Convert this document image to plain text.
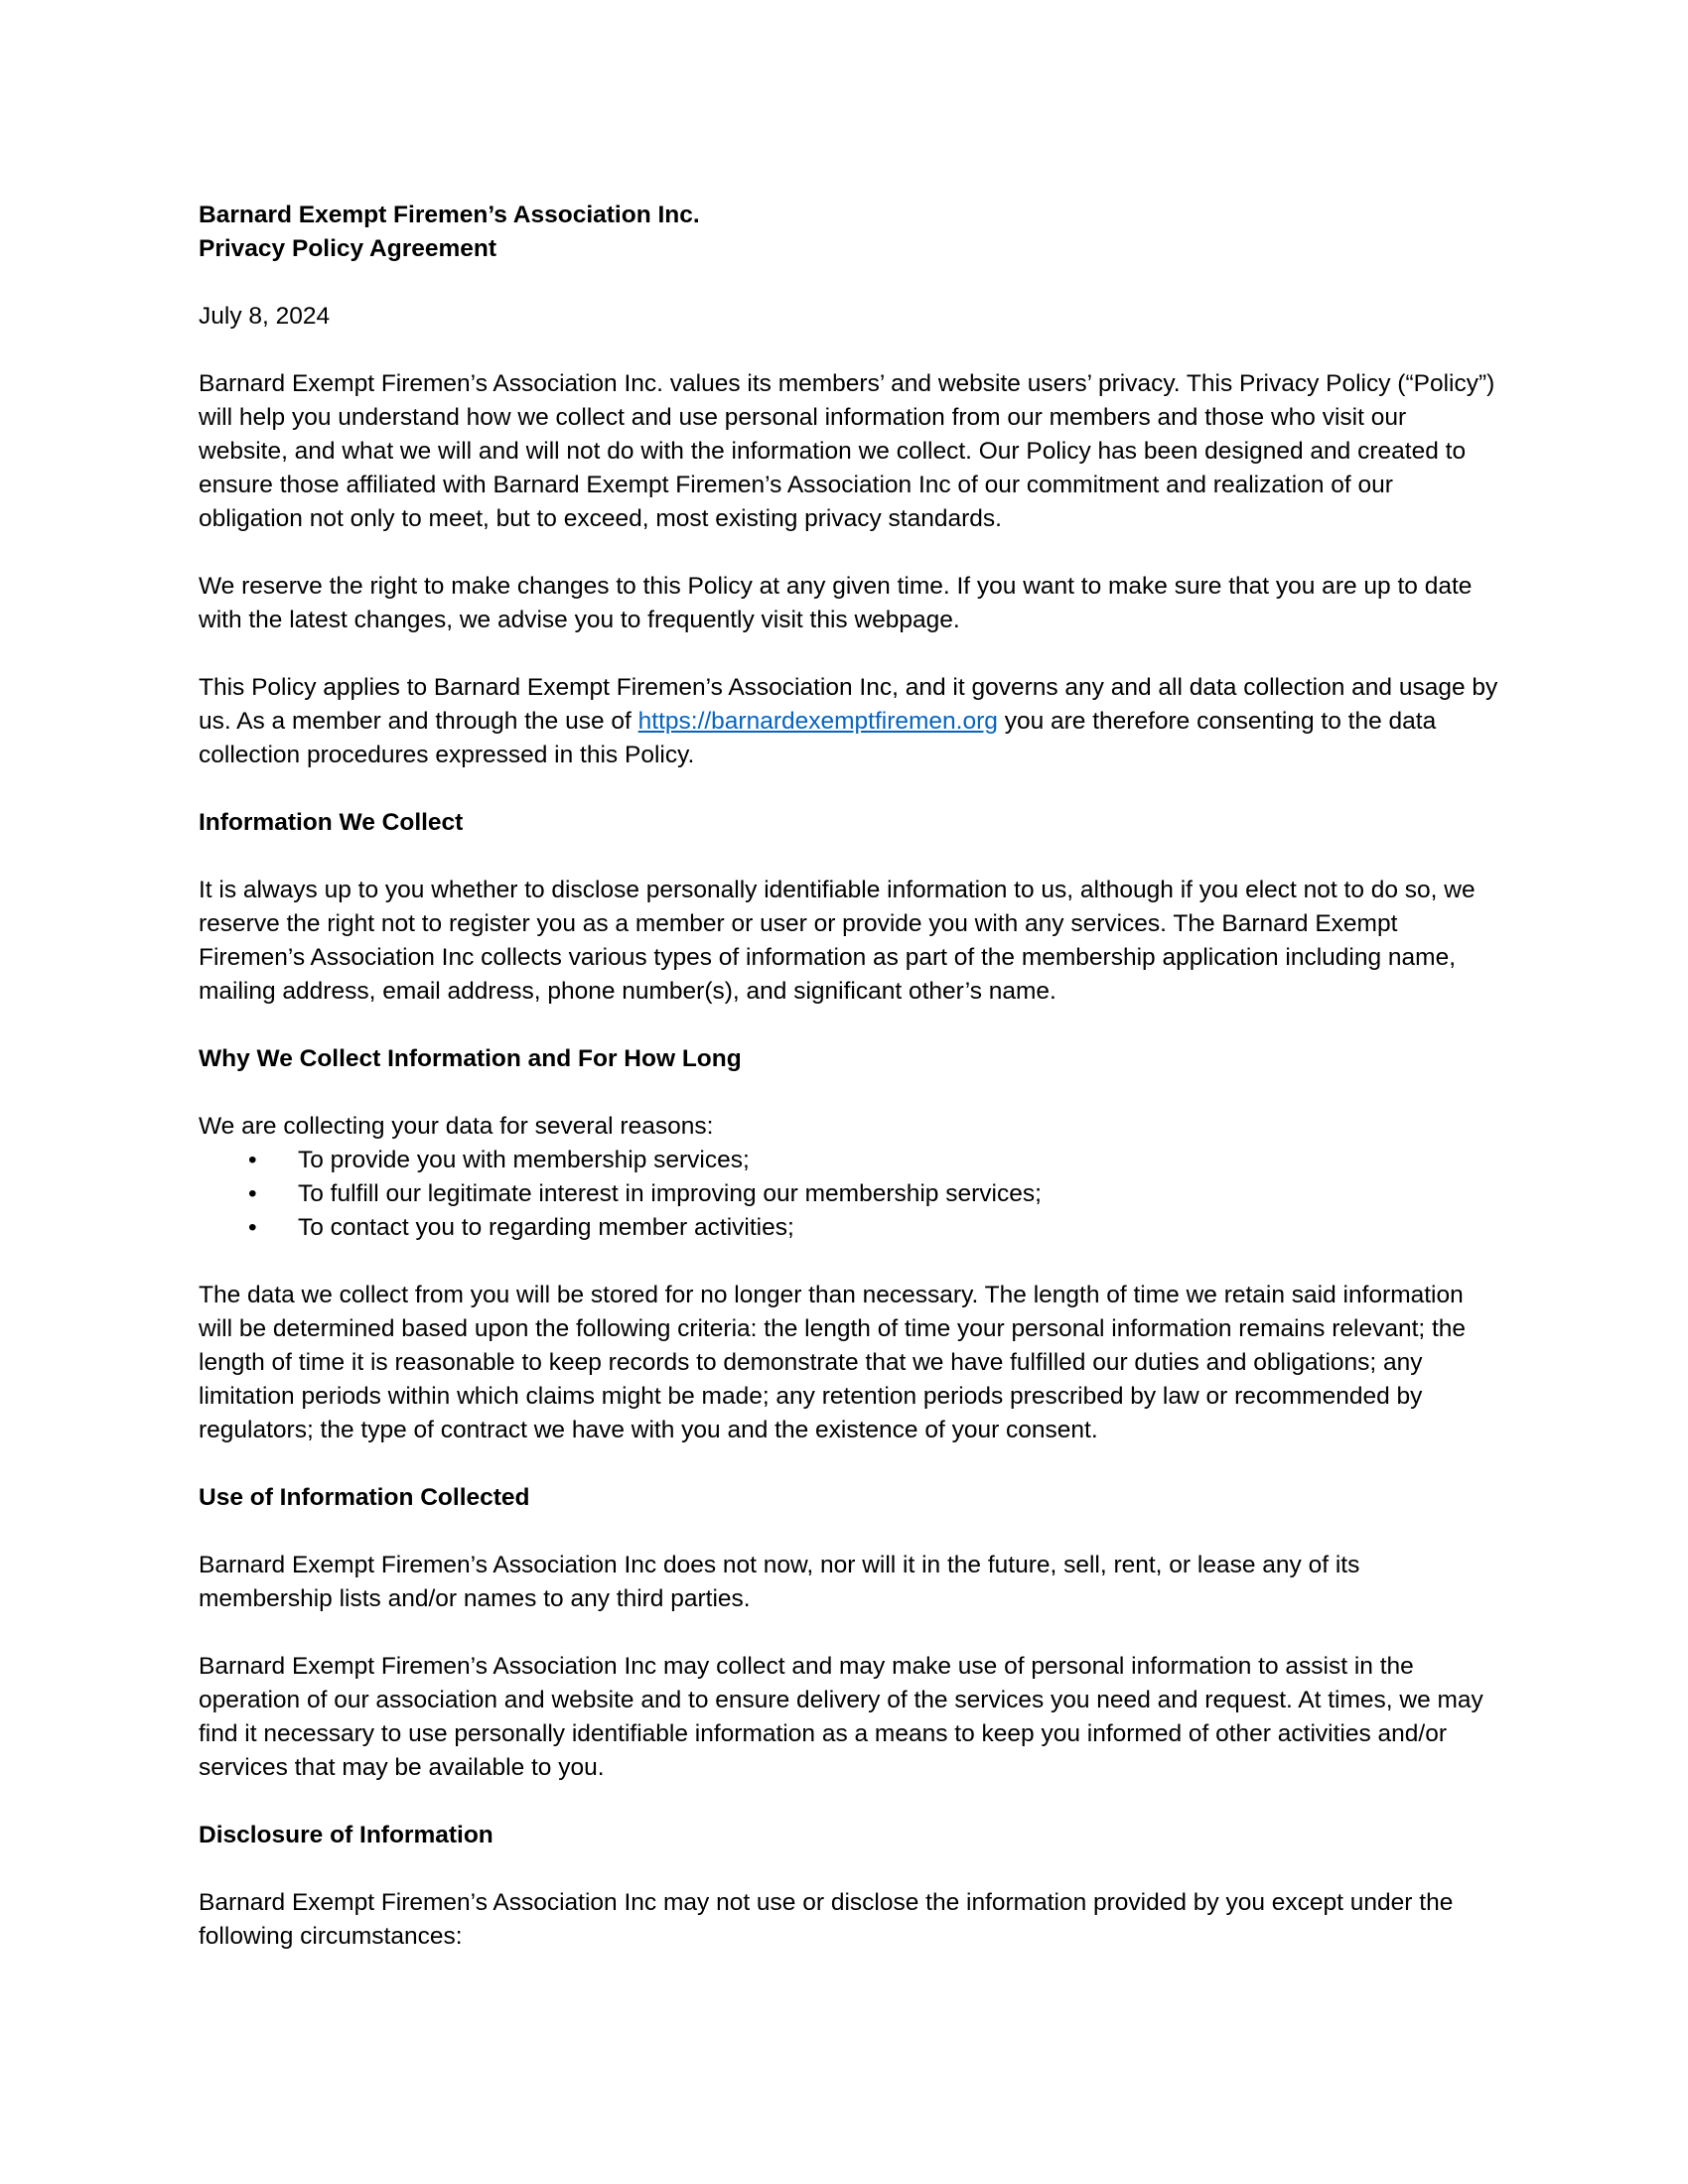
Barnard Exempt Firemen’s Association Inc.
Privacy Policy Agreement

July 8, 2024

Barnard Exempt Firemen’s Association Inc. values its members’ and website users’ privacy. This Privacy Policy (“Policy”) will help you understand how we collect and use personal information from our members and those who visit our website, and what we will and will not do with the information we collect. Our Policy has been designed and created to ensure those affiliated with Barnard Exempt Firemen’s Association Inc of our commitment and realization of our obligation not only to meet, but to exceed, most existing privacy standards.

We reserve the right to make changes to this Policy at any given time. If you want to make sure that you are up to date with the latest changes, we advise you to frequently visit this webpage.

This Policy applies to Barnard Exempt Firemen’s Association Inc, and it governs any and all data collection and usage by us. As a member and through the use of https://barnardexemptfiremen.org you are therefore consenting to the data collection procedures expressed in this Policy.

Information We Collect

It is always up to you whether to disclose personally identifiable information to us, although if you elect not to do so, we reserve the right not to register you as a member or user or provide you with any services. The Barnard Exempt Firemen’s Association Inc collects various types of information as part of the membership application including name, mailing address, email address, phone number(s), and significant other’s name.

Why We Collect Information and For How Long

We are collecting your data for several reasons:

• To provide you with membership services;
• To fulfill our legitimate interest in improving our membership services;
• To contact you to regarding member activities;

The data we collect from you will be stored for no longer than necessary. The length of time we retain said information will be determined based upon the following criteria: the length of time your personal information remains relevant; the length of time it is reasonable to keep records to demonstrate that we have fulfilled our duties and obligations; any limitation periods within which claims might be made; any retention periods prescribed by law or recommended by regulators; the type of contract we have with you and the existence of your consent.

Use of Information Collected

Barnard Exempt Firemen’s Association Inc does not now, nor will it in the future, sell, rent, or lease any of its membership lists and/or names to any third parties.

Barnard Exempt Firemen’s Association Inc may collect and may make use of personal information to assist in the operation of our association and website and to ensure delivery of the services you need and request. At times, we may find it necessary to use personally identifiable information as a means to keep you informed of other activities and/or services that may be available to you.

Disclosure of Information

Barnard Exempt Firemen’s Association Inc may not use or disclose the information provided by you except under the following circumstances:
